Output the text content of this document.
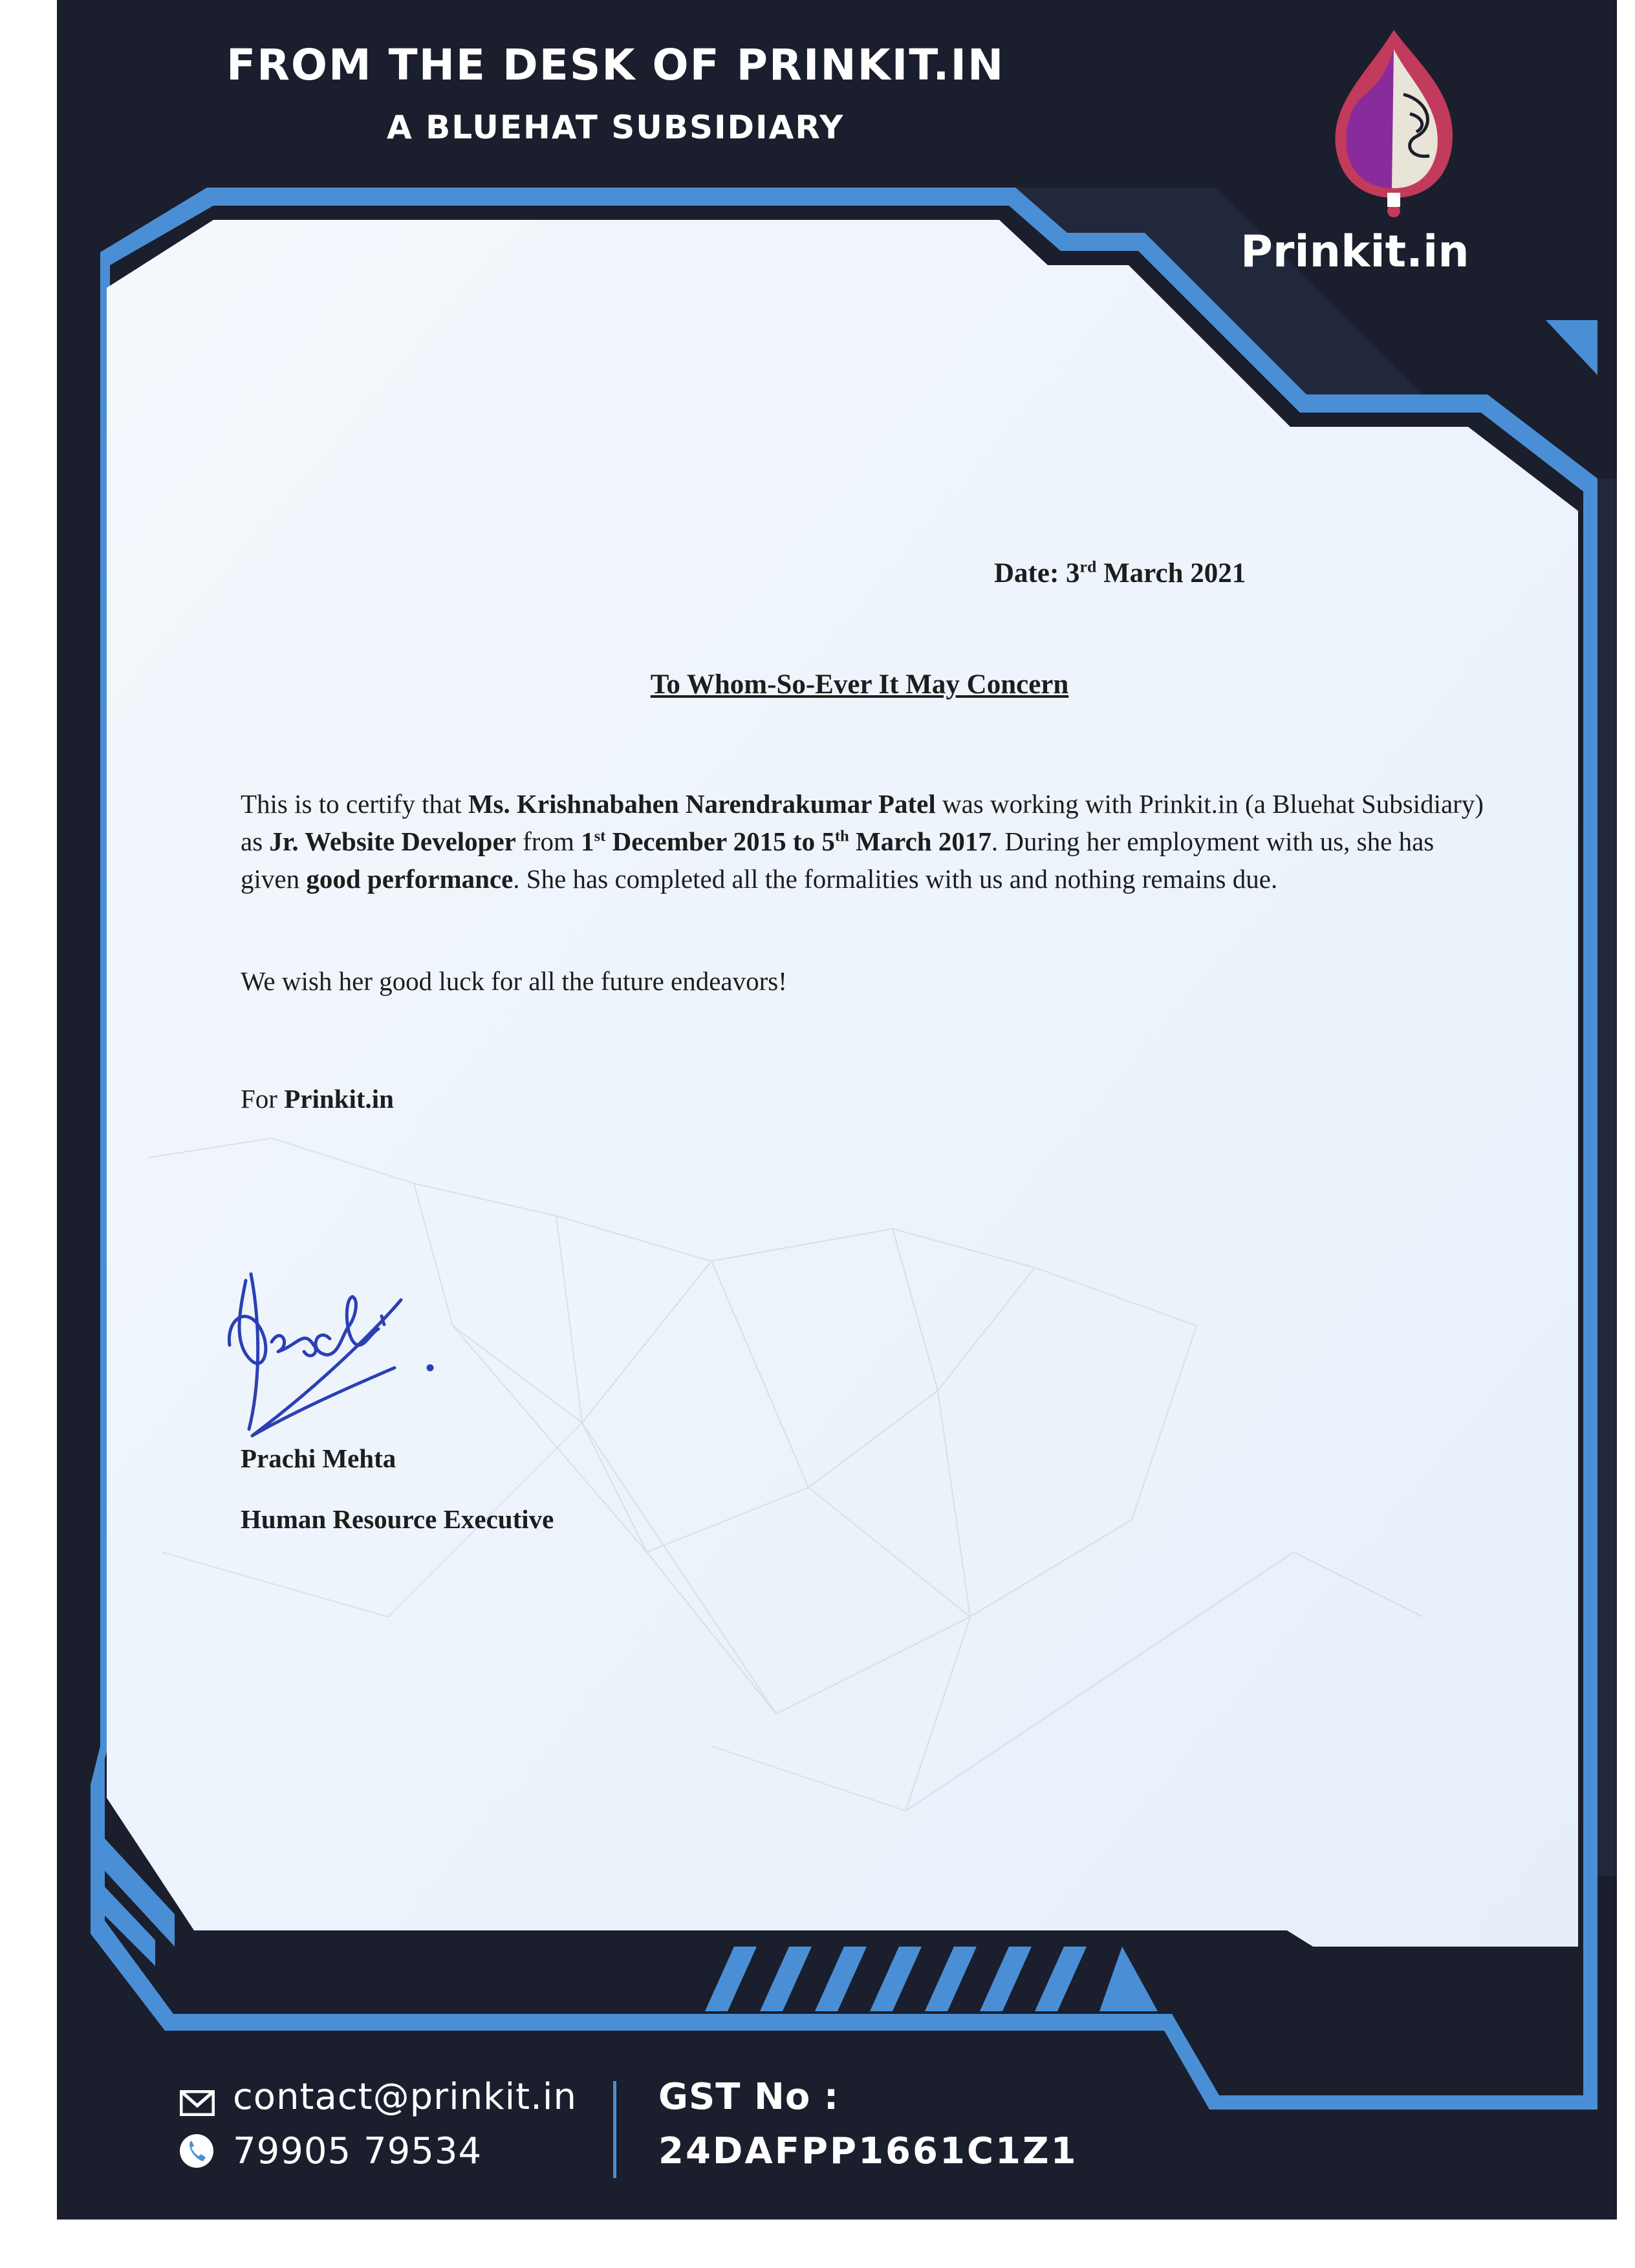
FROM THE DESK OF PRINKIT.IN
A BLUEHAT SUBSIDIARY
Prinkit.in
Date: 3rd March 2021
To Whom-So-Ever It May Concern
This is to certify that Ms. Krishnabahen Narendrakumar Patel was working with Prinkit.in (a Bluehat Subsidiary) as Jr. Website Developer from 1st December 2015 to 5th March 2017. During her employment with us, she has given good performance. She has completed all the formalities with us and nothing remains due.
We wish her good luck for all the future endeavors!
For Prinkit.in
Prachi Mehta
Human Resource Executive
contact@prinkit.in
79905 79534
GST No :
24DAFPP1661C1Z1
